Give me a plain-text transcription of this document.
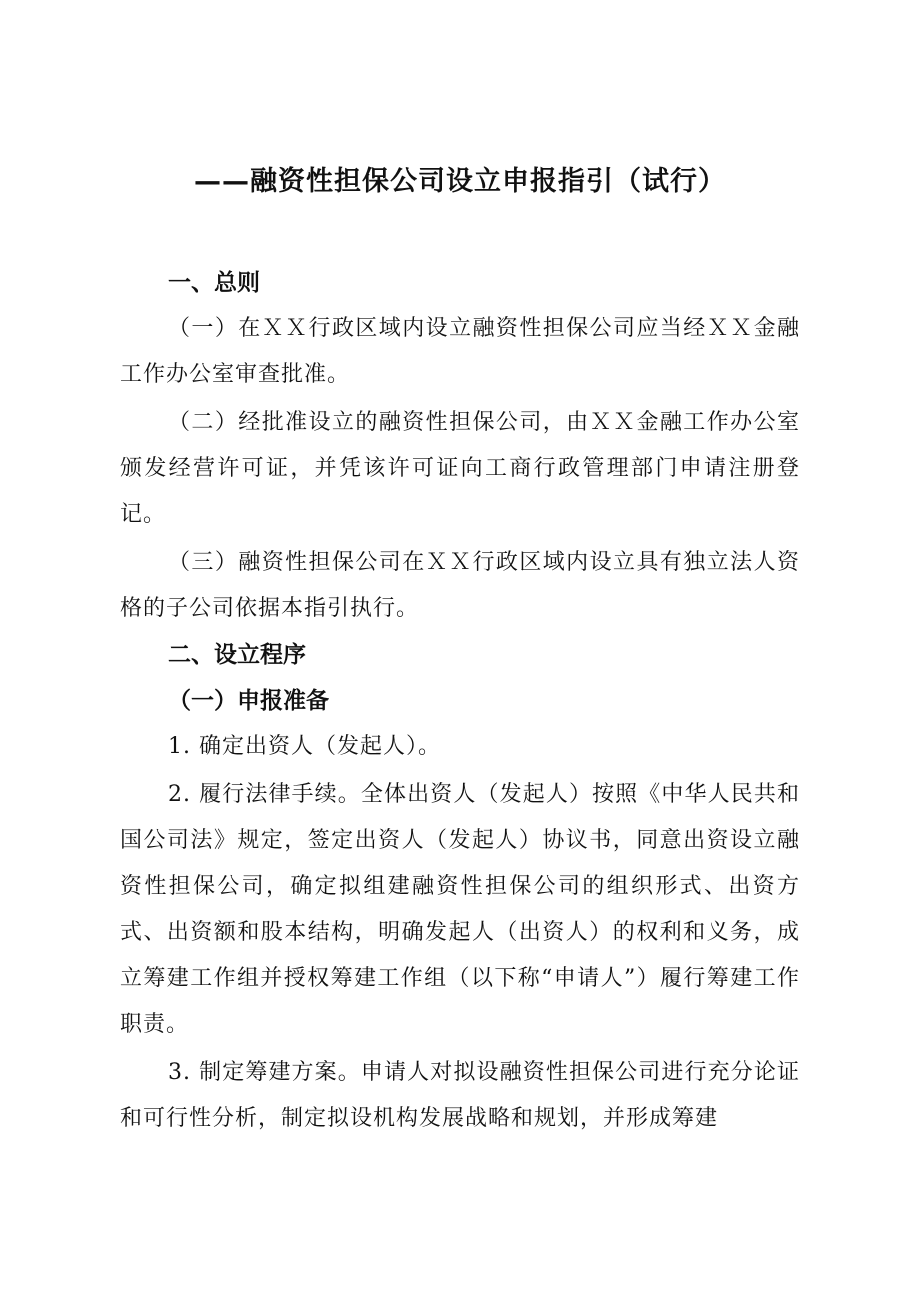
——融资性担保公司设立申报指引（试行）

一、总则

（一）在ＸＸ行政区域内设立融资性担保公司应当经ＸＸ金融工作办公室审查批准。

（二）经批准设立的融资性担保公司，由ＸＸ金融工作办公室颁发经营许可证，并凭该许可证向工商行政管理部门申请注册登记。

（三）融资性担保公司在ＸＸ行政区域内设立具有独立法人资格的子公司依据本指引执行。

二、设立程序

（一）申报准备

1. 确定出资人（发起人）。

2. 履行法律手续。全体出资人（发起人）按照《中华人民共和国公司法》规定，签定出资人（发起人）协议书，同意出资设立融资性担保公司，确定拟组建融资性担保公司的组织形式、出资方式、出资额和股本结构，明确发起人（出资人）的权利和义务，成立筹建工作组并授权筹建工作组（以下称“申请人”）履行筹建工作职责。

3. 制定筹建方案。申请人对拟设融资性担保公司进行充分论证和可行性分析，制定拟设机构发展战略和规划，并形成筹建
